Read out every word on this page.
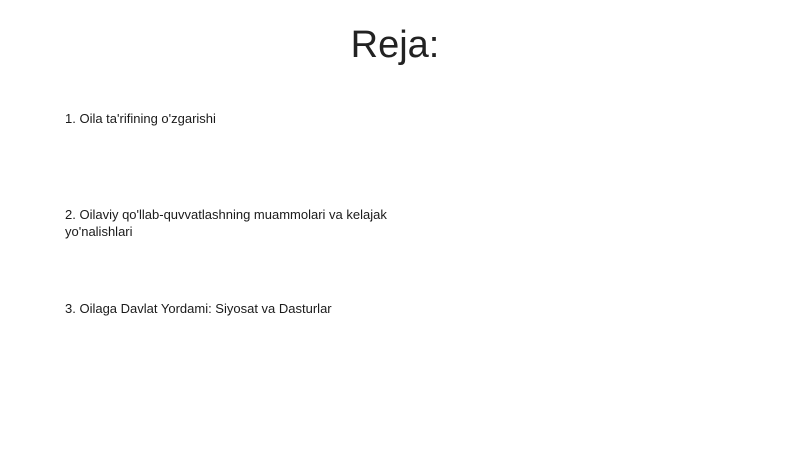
Reja:
1. Oila ta'rifining o'zgarishi
2. Oilaviy qo'llab-quvvatlashning muammolari va kelajak yo'nalishlari
3. Oilaga Davlat Yordami: Siyosat va Dasturlar
